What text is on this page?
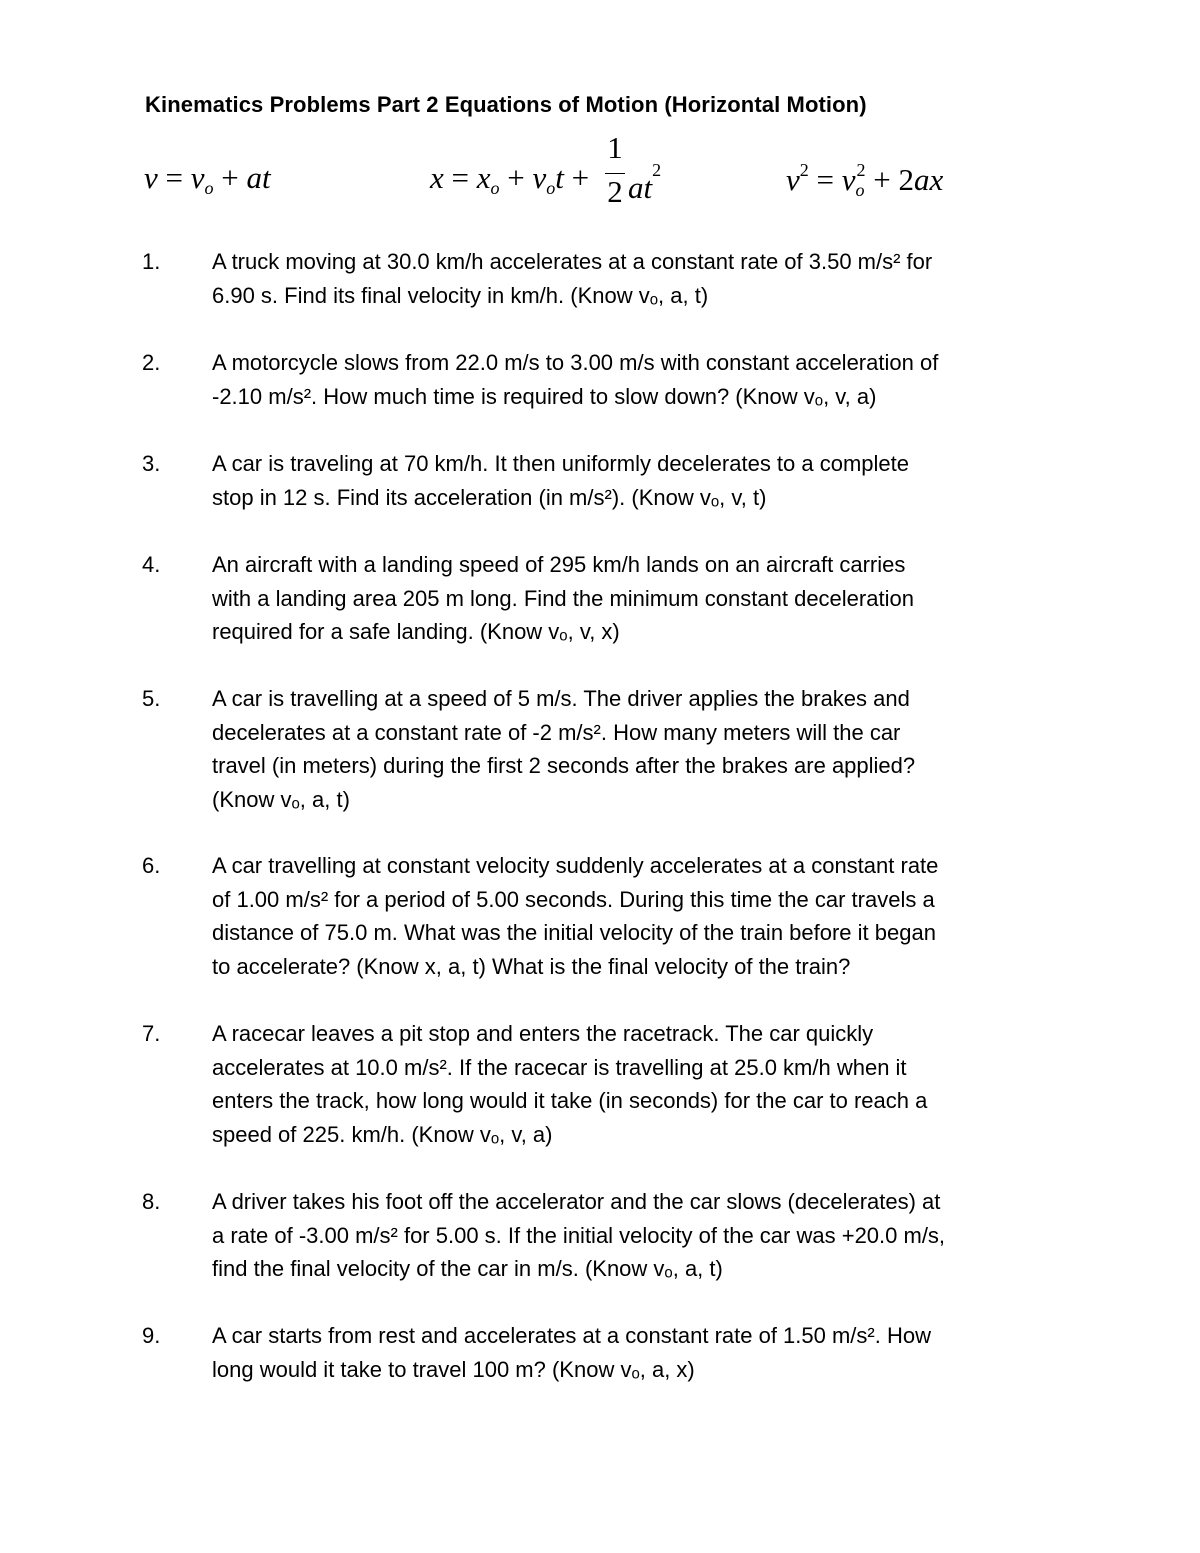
Kinematics Problems Part 2 Equations of Motion (Horizontal Motion)
$v = v_o$ + at	$x = x_o + v_ot$ +
1
2 $at^2$	$v^2 = v_o^2 + 2ax$
1. A truck moving at 30.0 km/h accelerates at a constant rate of 3.50 m/s² for
6.90 s. Find its final velocity in km/h. (Know vₒ, a, t)
2. A motorcycle slows from 22.0 m/s to 3.00 m/s with constant acceleration of
-2.10 m/s². How much time is required to slow down? (Know vₒ, v, a)
3. A car is traveling at 70 km/h. It then uniformly decelerates to a complete
stop in 12 s. Find its acceleration (in m/s²). (Know vₒ, v, t)
4. An aircraft with a landing speed of 295 km/h lands on an aircraft carries
with a landing area 205 m long. Find the minimum constant deceleration
required for a safe landing. (Know vₒ, v, x)
5. A car is travelling at a speed of 5 m/s. The driver applies the brakes and
decelerates at a constant rate of -2 m/s². How many meters will the car
travel (in meters) during the first 2 seconds after the brakes are applied?
(Know vₒ, a, t)
6. A car travelling at constant velocity suddenly accelerates at a constant rate
of 1.00 m/s² for a period of 5.00 seconds. During this time the car travels a
distance of 75.0 m. What was the initial velocity of the train before it began
to accelerate? (Know x, a, t) What is the final velocity of the train?
7. A racecar leaves a pit stop and enters the racetrack. The car quickly
accelerates at 10.0 m/s². If the racecar is travelling at 25.0 km/h when it
enters the track, how long would it take (in seconds) for the car to reach a
speed of 225. km/h. (Know vₒ, v, a)
8. A driver takes his foot off the accelerator and the car slows (decelerates) at
a rate of -3.00 m/s² for 5.00 s. If the initial velocity of the car was +20.0 m/s,
find the final velocity of the car in m/s. (Know vₒ, a, t)
9. A car starts from rest and accelerates at a constant rate of 1.50 m/s². How
long would it take to travel 100 m? (Know vₒ, a, x)
